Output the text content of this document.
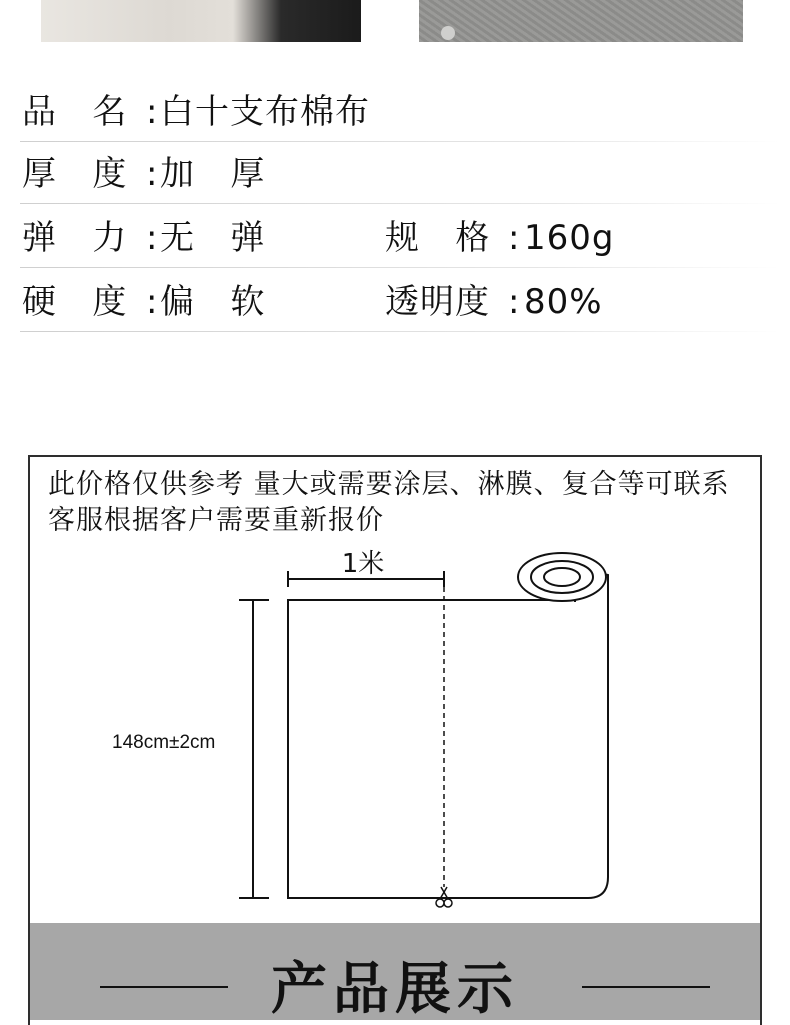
品   名 : 白十支布棉布
厚   度 : 加   厚
弹   力 : 无   弹	规   格 : 160g
硬   度 : 偏   软	透明度 : 80%
此价格仅供参考 量大或需要涂层、淋膜、复合等可联系客服根据客户需要重新报价
1米
148cm±2cm
产品展示
